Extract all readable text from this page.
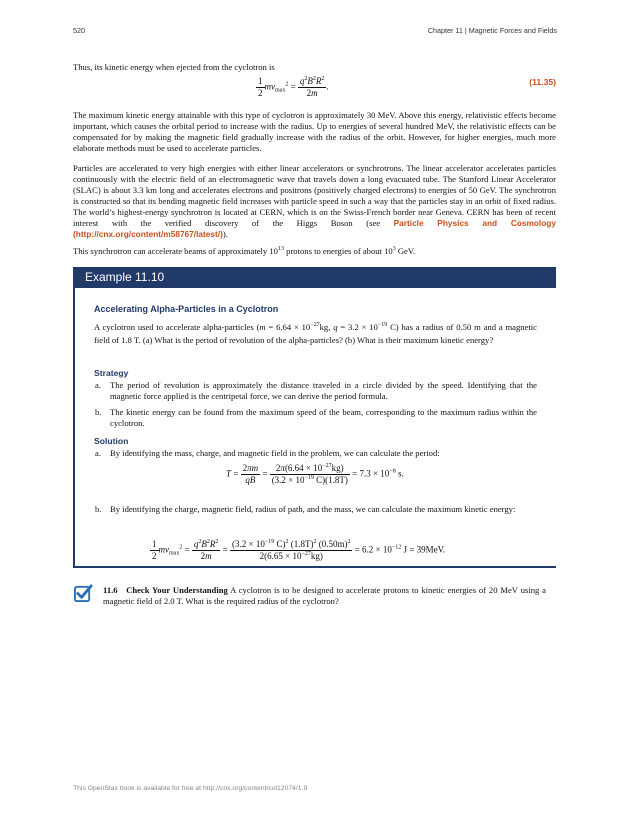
520	Chapter 11 | Magnetic Forces and Fields
Thus, its kinetic energy when ejected from the cyclotron is
$\frac{1}{2} mv_{max}^2 = \frac{q^2B^2R^2}{2m}$ .	(11.35)
The maximum kinetic energy attainable with this type of cyclotron is approximately 30 MeV. Above this energy, relativistic effects become important, which causes the orbital period to increase with the radius. Up to energies of several hundred MeV, the relativistic effects can be compensated for by making the magnetic field gradually increase with the radius of the orbit. However, for higher energies, much more elaborate methods must be used to accelerate particles.
Particles are accelerated to very high energies with either linear accelerators or synchrotrons. The linear accelerator accelerates particles continuously with the electric field of an electromagnetic wave that travels down a long evacuated tube. The Stanford Linear Accelerator (SLAC) is about 3.3 km long and accelerates electrons and positrons (positively charged electrons) to energies of 50 GeV. The synchrotron is constructed so that its bending magnetic field increases with particle speed in such a way that the particles stay in an orbit of fixed radius. The world’s highest-energy synchrotron is located at CERN, which is on the Swiss-French border near Geneva. CERN has been of recent interest with the verified discovery of the Higgs Boson (see Particle Physics and Cosmology (http://cnx.org/content/m58767/latest/)).
This synchrotron can accelerate beams of approximately $10^{13}$ protons to energies of about $10^3$ GeV.
Example 11.10
Accelerating Alpha-Particles in a Cyclotron
A cyclotron used to accelerate alpha-particles ($m = 6.64 \times 10^{-27}kg$, $q = 3.2 \times 10^{-19}$ C) has a radius of 0.50 m and a magnetic field of 1.8 T. (a) What is the period of revolution of the alpha-particles? (b) What is their maximum kinetic energy?
Strategy
a. The period of revolution is approximately the distance traveled in a circle divided by the speed. Identifying that the magnetic force applied is the centripetal force, we can derive the period formula.
b. The kinetic energy can be found from the maximum speed of the beam, corresponding to the maximum radius within the cyclotron.
Solution
a. By identifying the mass, charge, and magnetic field in the problem, we can calculate the period:
$T = \frac{2\pi m}{qB} = \frac{2\pi(6.64 \times 10^{-27}kg)}{(3.2 \times 10^{-19} C)(1.8T)} = 7.3 \times 10^{-8}$ s.
b. By identifying the charge, magnetic field, radius of path, and the mass, we can calculate the maximum kinetic energy:
$\frac{1}{2} mv_{max}^2 = \frac{q^2B^2R^2}{2m} = \frac{(3.2 \times 10^{-19} C)^2 (1.8T)^2 (0.50m)^2}{2(6.65 \times 10^{-27}kg)} = 6.2 \times 10^{-12}$ J = 39MeV.
11.6 Check Your Understanding A cyclotron is to be designed to accelerate protons to kinetic energies of 20 MeV using a magnetic field of 2.0 T. What is the required radius of the cyclotron?
This OpenStax book is available for free at http://cnx.org/content/col12074/1.9
